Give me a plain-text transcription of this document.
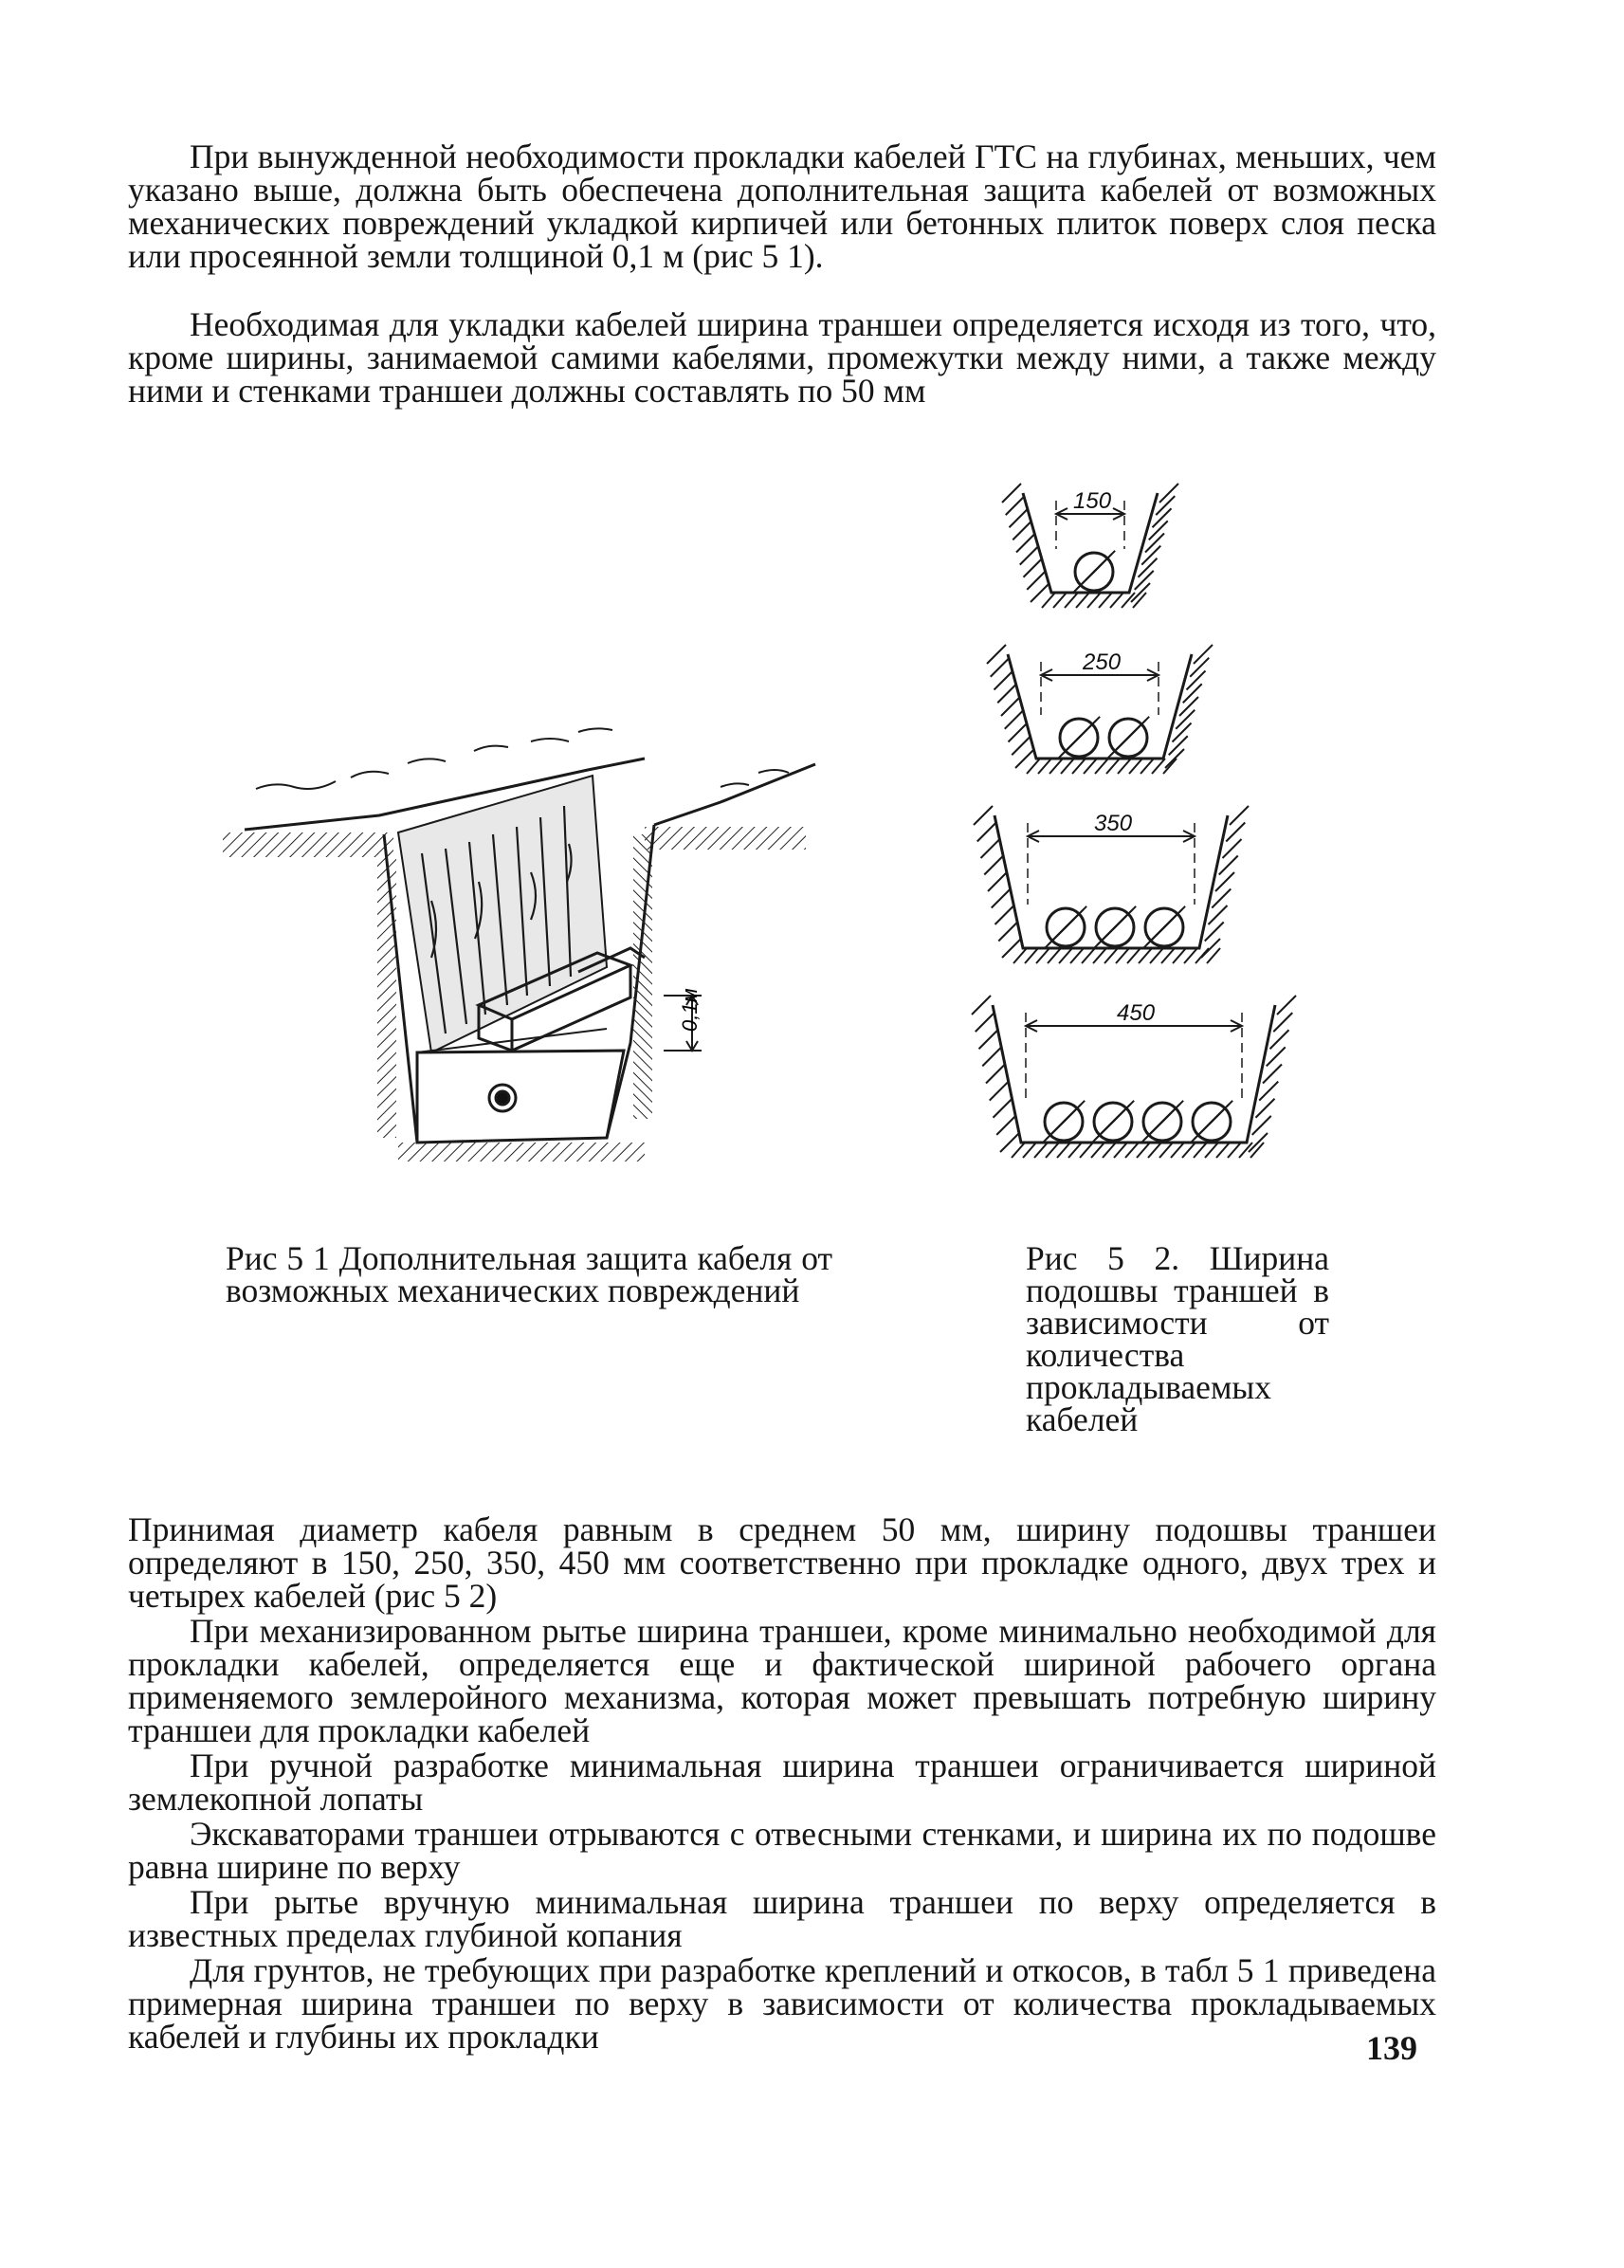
При вынужденной необходимости прокладки кабелей ГТС на глубинах, меньших, чем указано выше, должна быть обеспечена дополнительная защита кабелей от возможных механических повреждений укладкой кирпичей или бетонных плиток поверх слоя песка или просеянной земли толщиной 0,1 м (рис 5 1).

Необходимая для укладки кабелей ширина траншеи определяется исходя из того, что, кроме ширины, занимаемой самими кабелями, промежутки между ними, а также между ними и стенками траншеи должны составлять по 50 мм

0,1м
150
250
350
450

Рис 5 1 Дополнительная защита кабеля от возможных механических повреждений

Рис 5 2. Ширина подошвы траншей в зависимости от количества прокладываемых кабелей

Принимая диаметр кабеля равным в среднем 50 мм, ширину подошвы траншеи определяют в 150, 250, 350, 450 мм соответственно при прокладке одного, двух трех и четырех кабелей (рис 5 2)

При механизированном рытье ширина траншеи, кроме минимально необходимой для прокладки кабелей, определяется еще и фактической шириной рабочего органа применяемого землеройного механизма, которая может превышать потребную ширину траншеи для прокладки кабелей

При ручной разработке минимальная ширина траншеи ограничивается шириной землекопной лопаты

Экскаваторами траншеи отрываются с отвесными стенками, и ширина их по подошве равна ширине по верху

При рытье вручную минимальная ширина траншеи по верху определяется в известных пределах глубиной копания

Для грунтов, не требующих при разработке креплений и откосов, в табл 5 1 приведена примерная ширина траншеи по верху в зависимости от количества прокладываемых кабелей и глубины их прокладки	139
